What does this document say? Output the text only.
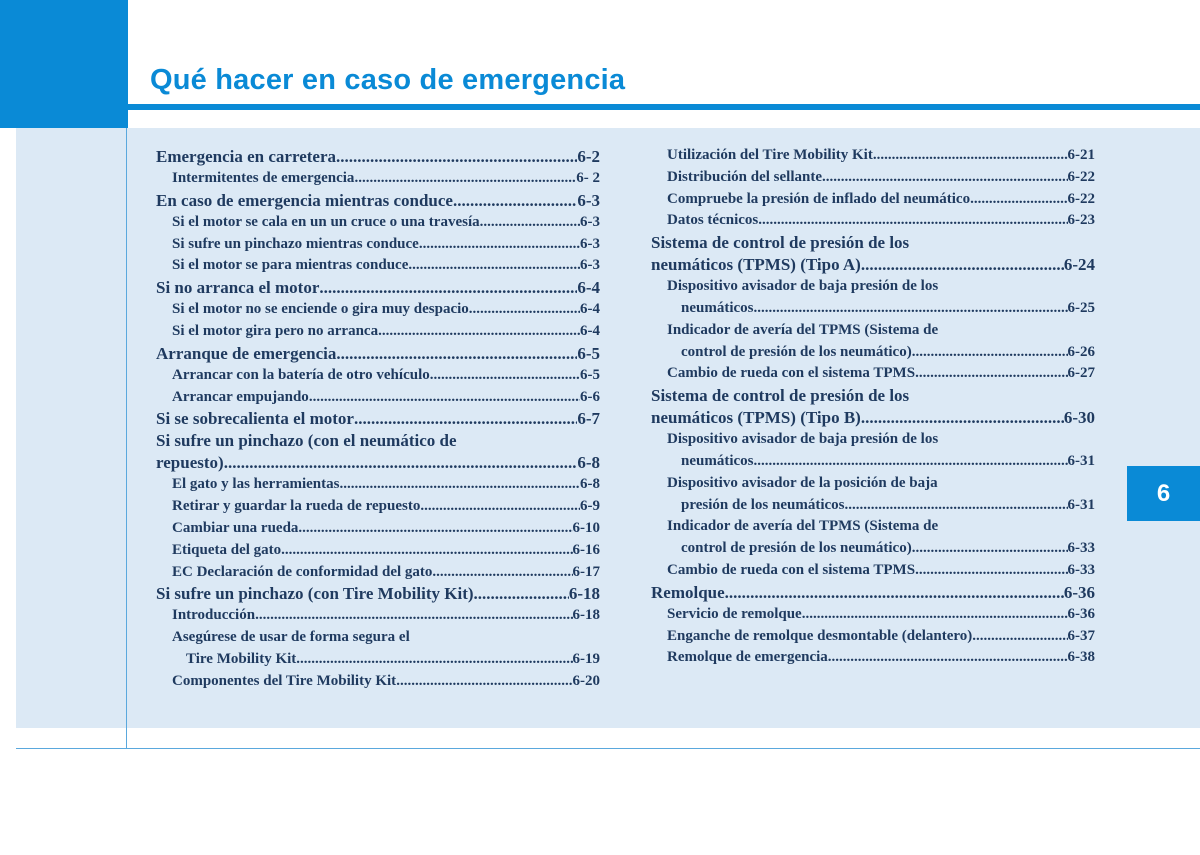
Qué hacer en caso de emergencia
6
Emergencia en carretera .....	6-2
Intermitentes de emergencia .....	6- 2
En caso de emergencia mientras conduce .....	6-3
Si el motor se cala en un un cruce o una travesía .....	6-3
Si sufre un pinchazo mientras conduce .....	6-3
Si el motor se para mientras conduce .....	6-3
Si no arranca el motor .....	6-4
Si el motor no se enciende o gira muy despacio .....	6-4
Si el motor gira pero no arranca .....	6-4
Arranque de emergencia .....	6-5
Arrancar con la batería de otro vehículo .....	6-5
Arrancar empujando .....	6-6
Si se sobrecalienta el motor .....	6-7
Si sufre un pinchazo (con el neumático de
repuesto) .....	6-8
El gato y las herramientas .....	6-8
Retirar y guardar la rueda de repuesto .....	6-9
Cambiar una rueda .....	6-10
Etiqueta del gato .....	6-16
EC Declaración de conformidad del gato .....	6-17
Si sufre un pinchazo (con Tire Mobility Kit) .....	6-18
Introducción .....	6-18
Asegúrese de usar de forma segura el
Tire Mobility Kit .....	6-19
Componentes del Tire Mobility Kit .....	6-20
Utilización del Tire Mobility Kit .....	6-21
Distribución del sellante .....	6-22
Compruebe la presión de inflado del neumático .....	6-22
Datos técnicos .....	6-23
Sistema de control de presión de los
neumáticos (TPMS) (Tipo A) .....	6-24
Dispositivo avisador de baja presión de los
neumáticos .....	6-25
Indicador de avería del TPMS (Sistema de
control de presión de los neumático) .....	6-26
Cambio de rueda con el sistema TPMS .....	6-27
Sistema de control de presión de los
neumáticos (TPMS) (Tipo B) .....	6-30
Dispositivo avisador de baja presión de los
neumáticos .....	6-31
Dispositivo avisador de la posición de baja
presión de los neumáticos .....	6-31
Indicador de avería del TPMS (Sistema de
control de presión de los neumático) .....	6-33
Cambio de rueda con el sistema TPMS .....	6-33
Remolque .....	6-36
Servicio de remolque .....	6-36
Enganche de remolque desmontable (delantero) .....	6-37
Remolque de emergencia .....	6-38
